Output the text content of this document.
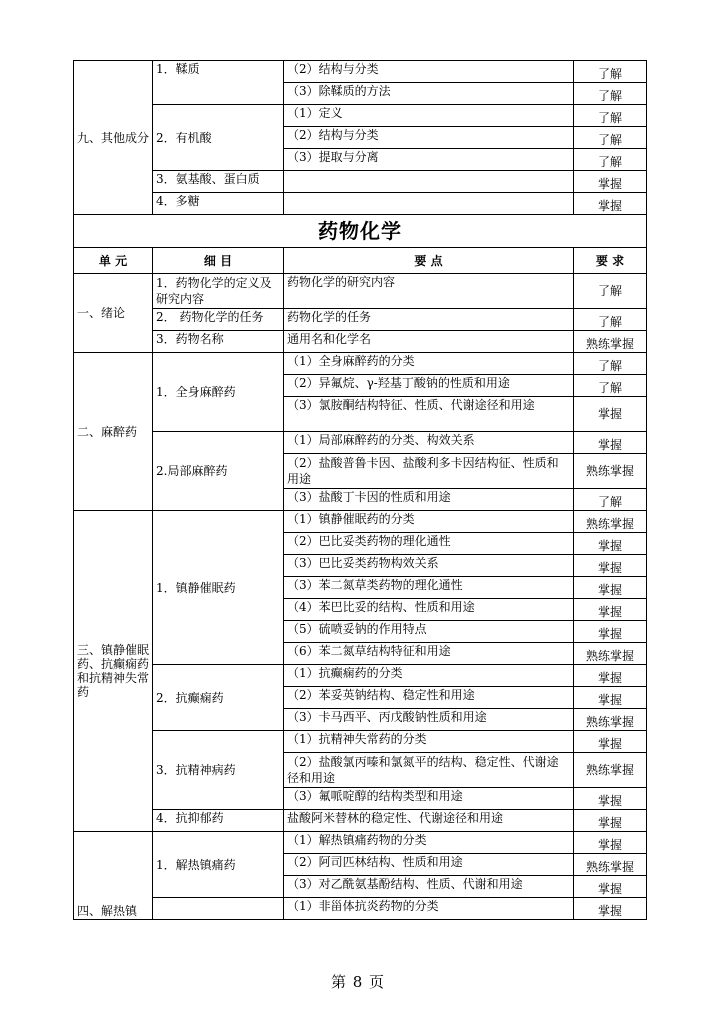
九、其他成分	1．鞣质	（2）结构与分类	了解
		（3）除鞣质的方法	了解
	2．有机酸	（1）定义	了解
		（2）结构与分类	了解
		（3）提取与分离	了解
	3．氨基酸、蛋白质		掌握
	4．多糖		掌握
药物化学			
单 元	细 目	要 点	要 求
一、绪论	1．药物化学的定义及研究内容	药物化学的研究内容	了解
	2． 药物化学的任务	药物化学的任务	了解
	3．药物名称	通用名和化学名	熟练掌握
二、麻醉药	1．全身麻醉药	（1）全身麻醉药的分类	了解
		（2）异氟烷、γ-羟基丁酸钠的性质和用途	了解
		（3）氯胺酮结构特征、性质、代谢途径和用途	掌握
	2.局部麻醉药	（1）局部麻醉药的分类、构效关系	掌握
		（2）盐酸普鲁卡因、盐酸利多卡因结构征、性质和用途	熟练掌握
		（3）盐酸丁卡因的性质和用途	了解
三、镇静催眠药、抗癫痫药和抗精神失常药	1．镇静催眠药	（1）镇静催眠药的分类	熟练掌握
		（2）巴比妥类药物的理化通性	掌握
		（3）巴比妥类药物构效关系	掌握
		（3）苯二氮草类药物的理化通性	掌握
		（4）苯巴比妥的结构、性质和用途	掌握
		（5）硫喷妥钠的作用特点	掌握
		（6）苯二氮草结构特征和用途	熟练掌握
	2．抗癫痫药	（1）抗癫痫药的分类	掌握
		（2）苯妥英钠结构、稳定性和用途	掌握
		（3）卡马西平、丙戊酸钠性质和用途	熟练掌握
	3．抗精神病药	（1）抗精神失常药的分类	掌握
		（2）盐酸氯丙嗪和氯氮平的结构、稳定性、代谢途径和用途	熟练掌握
		（3）氟哌啶醇的结构类型和用途	掌握
	4．抗抑郁药	盐酸阿米替林的稳定性、代谢途径和用途	掌握
四、解热镇	1．解热镇痛药	（1）解热镇痛药物的分类	掌握
		（2）阿司匹林结构、性质和用途	熟练掌握
		（3）对乙酰氨基酚结构、性质、代谢和用途	掌握
		（1）非甾体抗炎药物的分类	掌握
第 8 页
